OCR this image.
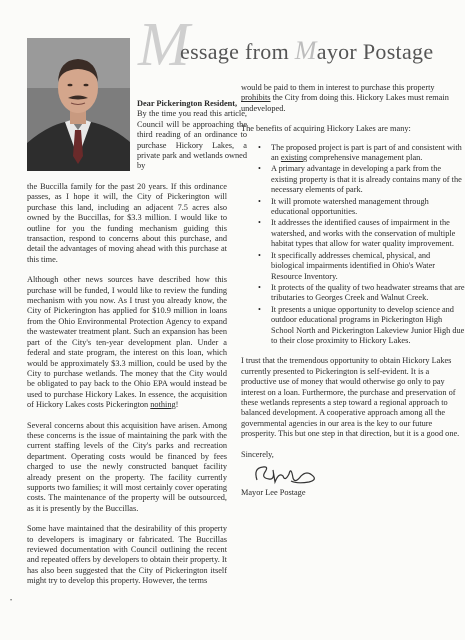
M
essage from Mayor Postage

Dear Pickerington Resident,

By the time you read this article, Council will be approaching the third reading of an ordinance to purchase Hickory Lakes, a private park and wetlands owned by

the Buccilla family for the past 20 years. If this ordinance passes, as I hope it will, the City of Pickerington will purchase this land, including an adjacent 7.5 acres also owned by the Buccillas, for $3.3 million. I would like to outline for you the funding mechanism guiding this transaction, respond to concerns about this purchase, and detail the advantages of moving ahead with this purchase at this time.

Although other news sources have described how this purchase will be funded, I would like to review the funding mechanism with you now. As I trust you already know, the City of Pickerington has applied for $10.9 million in loans from the Ohio Environmental Protection Agency to expand the wastewater treatment plant. Such an expansion has been part of the City's ten-year development plan. Under a federal and state program, the interest on this loan, which would be approximately $3.3 million, could be used by the City to purchase wetlands. The money that the City would be obligated to pay back to the Ohio EPA would instead be used to purchase Hickory Lakes. In essence, the acquisition of Hickory Lakes costs Pickerington nothing!

Several concerns about this acquisition have arisen. Among these concerns is the issue of maintaining the park with the current staffing levels of the City's parks and recreation department. Operating costs would be financed by fees charged to use the newly constructed banquet facility already present on the property. The facility currently supports two families; it will most certainly cover operating costs. The maintenance of the property will be outsourced, as it is presently by the Buccillas.

Some have maintained that the desirability of this property to developers is imaginary or fabricated. The Buccillas reviewed documentation with Council outlining the recent and repeated offers by developers to obtain their property. It has also been suggested that the City of Pickerington itself might try to develop this property. However, the terms

would be paid to them in interest to purchase this property prohibits the City from doing this. Hickory Lakes must remain undeveloped.

The benefits of acquiring Hickory Lakes are many:

• The proposed project is part is part of and consistent with an existing comprehensive management plan.
• A primary advantage in developing a park from the existing property is that it is already contains many of the necessary elements of park.
• It will promote watershed management through educational opportunities.
• It addresses the identified causes of impairment in the watershed, and works with the conservation of multiple habitat types that allow for water quality improvement.
• It specifically addresses chemical, physical, and biological impairments identified in Ohio's Water Resource Inventory.
• It protects of the quality of two headwater streams that are tributaries to Georges Creek and Walnut Creek.
• It presents a unique opportunity to develop science and outdoor educational programs in Pickerington High School North and Pickerington Lakeview Junior High due to their close proximity to Hickory Lakes.

I trust that the tremendous opportunity to obtain Hickory Lakes currently presented to Pickerington is self-evident. It is a productive use of money that would otherwise go only to pay interest on a loan. Furthermore, the purchase and preservation of these wetlands represents a step toward a regional approach to balanced development. A cooperative approach among all the governmental agencies in our area is the key to our future prosperity. This but one step in that direction, but it is a good one.

Sincerely,
Mayor Lee Postage
•
